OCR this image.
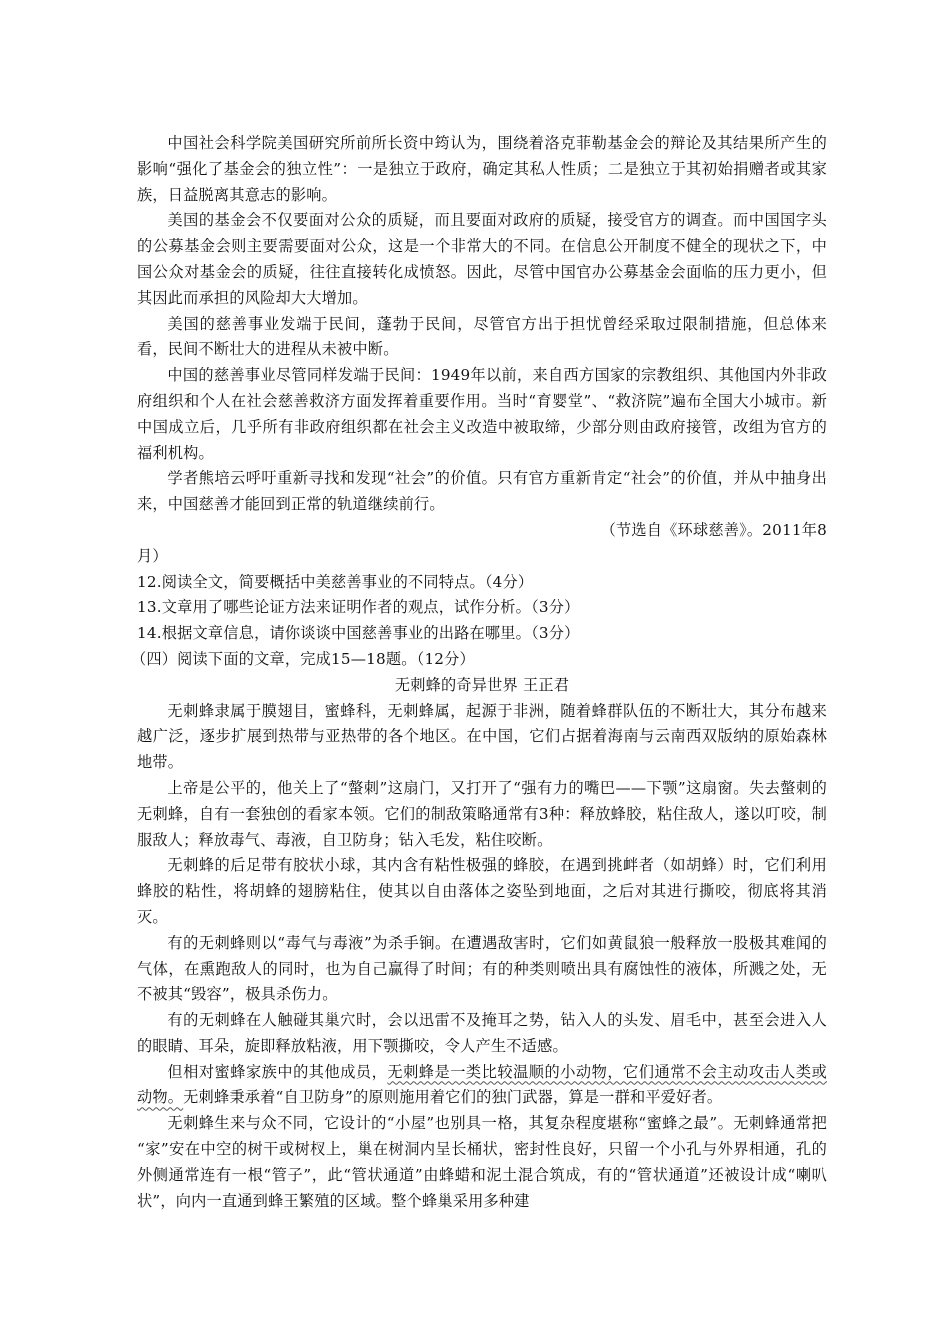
中国社会科学院美国研究所前所长资中筠认为，围绕着洛克菲勒基金会的辩论及其结果所产生的影响“强化了基金会的独立性”：一是独立于政府，确定其私人性质；二是独立于其初始捐赠者或其家族，日益脱离其意志的影响。

美国的基金会不仅要面对公众的质疑，而且要面对政府的质疑，接受官方的调查。而中国国字头的公募基金会则主要需要面对公众，这是一个非常大的不同。在信息公开制度不健全的现状之下，中国公众对基金会的质疑，往往直接转化成愤怒。因此，尽管中国官办公募基金会面临的压力更小，但其因此而承担的风险却大大增加。

美国的慈善事业发端于民间，蓬勃于民间，尽管官方出于担忧曾经采取过限制措施，但总体来看，民间不断壮大的进程从未被中断。

中国的慈善事业尽管同样发端于民间：1949年以前，来自西方国家的宗教组织、其他国内外非政府组织和个人在社会慈善救济方面发挥着重要作用。当时“育婴堂”、“救济院”遍布全国大小城市。新中国成立后，几乎所有非政府组织都在社会主义改造中被取缔，少部分则由政府接管，改组为官方的福利机构。

学者熊培云呼吁重新寻找和发现“社会”的价值。只有官方重新肯定“社会”的价值，并从中抽身出来，中国慈善才能回到正常的轨道继续前行。

（节选自《环球慈善》。2011年8

月）

12.阅读全文，简要概括中美慈善事业的不同特点。（4分）

13.文章用了哪些论证方法来证明作者的观点，试作分析。（3分）

14.根据文章信息，请你谈谈中国慈善事业的出路在哪里。（3分）

（四）阅读下面的文章，完成15—18题。（12分）

无刺蜂的奇异世界 王正君

无刺蜂隶属于膜翅目，蜜蜂科，无刺蜂属，起源于非洲，随着蜂群队伍的不断壮大，其分布越来越广泛，逐步扩展到热带与亚热带的各个地区。在中国，它们占据着海南与云南西双版纳的原始森林地带。

上帝是公平的，他关上了“螫刺”这扇门，又打开了“强有力的嘴巴——下颚”这扇窗。失去螫刺的无刺蜂，自有一套独创的看家本领。它们的制敌策略通常有3种：释放蜂胶，粘住敌人，遂以叮咬，制服敌人；释放毒气、毒液，自卫防身；钻入毛发，粘住咬断。

无刺蜂的后足带有胶状小球，其内含有粘性极强的蜂胶，在遇到挑衅者（如胡蜂）时，它们利用蜂胶的粘性，将胡蜂的翅膀粘住，使其以自由落体之姿坠到地面，之后对其进行撕咬，彻底将其消灭。

有的无刺蜂则以“毒气与毒液”为杀手锏。在遭遇敌害时，它们如黄鼠狼一般释放一股极其难闻的气体，在熏跑敌人的同时，也为自己赢得了时间；有的种类则喷出具有腐蚀性的液体，所溅之处，无不被其“毁容”，极具杀伤力。

有的无刺蜂在人触碰其巢穴时，会以迅雷不及掩耳之势，钻入人的头发、眉毛中，甚至会进入人的眼睛、耳朵，旋即释放粘液，用下颚撕咬，令人产生不适感。

但相对蜜蜂家族中的其他成员，无刺蜂是一类比较温顺的小动物，它们通常不会主动攻击人类或动物。无刺蜂秉承着“自卫防身”的原则施用着它们的独门武器，算是一群和平爱好者。

无刺蜂生来与众不同，它设计的“小屋”也别具一格，其复杂程度堪称“蜜蜂之最”。无刺蜂通常把 “家”安在中空的树干或树杈上，巢在树洞内呈长桶状，密封性良好，只留一个小孔与外界相通，孔的外侧通常连有一根“管子”，此“管状通道”由蜂蜡和泥土混合筑成，有的“管状通道”还被设计成“喇叭状”，向内一直通到蜂王繁殖的区域。整个蜂巢采用多种建
